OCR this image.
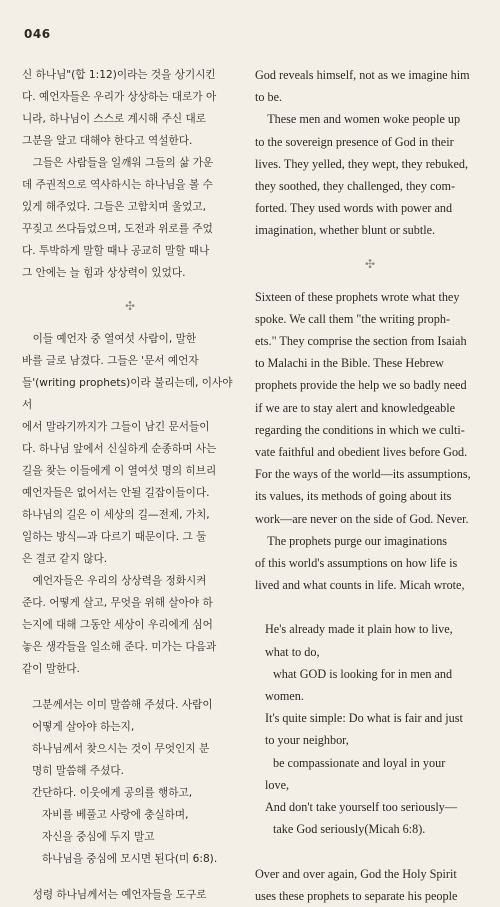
046

신 하나님"(합 1:12)이라는 것을 상기시킨

다. 예언자들은 우리가 상상하는 대로가 아

니라, 하나님이 스스로 계시해 주신 대로

그분을 알고 대해야 한다고 역설한다.

그들은 사람들을 일깨워 그들의 삶 가운

데 주권적으로 역사하시는 하나님을 볼 수

있게 해주었다. 그들은 고함치며 울었고,

꾸짖고 쓰다듬었으며, 도전과 위로를 주었

다. 투박하게 말할 때나 공교히 말할 때나

그 안에는 늘 힘과 상상력이 있었다.

✣

이들 예언자 중 열여섯 사람이, 말한

바를 글로 남겼다. 그들은 '문서 예언자

들'(writing prophets)이라 불리는데, 이사야서

에서 말라기까지가 그들이 남긴 문서들이

다. 하나님 앞에서 신실하게 순종하며 사는

길을 찾는 이들에게 이 열여섯 명의 히브리

예언자들은 없어서는 안될 길잡이들이다.

하나님의 길은 이 세상의 길—전제, 가치,

일하는 방식—과 다르기 때문이다. 그 둘

은 결코 같지 않다.

예언자들은 우리의 상상력을 정화시켜

준다. 어떻게 살고, 무엇을 위해 살아야 하

는지에 대해 그동안 세상이 우리에게 심어

놓은 생각들을 일소해 준다. 미가는 다음과

같이 말한다.

그분께서는 이미 말씀해 주셨다. 사람이

어떻게 살아야 하는지,

하나님께서 찾으시는 것이 무엇인지 분

명히 말씀해 주셨다.

간단하다. 이웃에게 공의를 행하고,

자비를 베풀고 사랑에 충실하며,

자신을 중심에 두지 말고

하나님을 중심에 모시면 된다(미 6:8).

성령 하나님께서는 예언자들을 도구로

God reveals himself, not as we imagine him

to be.

These men and women woke people up

to the sovereign presence of God in their

lives. They yelled, they wept, they rebuked,

they soothed, they challenged, they com-

forted. They used words with power and

imagination, whether blunt or subtle.

✣

Sixteen of these prophets wrote what they

spoke. We call them "the writing proph-

ets." They comprise the section from Isaiah

to Malachi in the Bible. These Hebrew

prophets provide the help we so badly need

if we are to stay alert and knowledgeable

regarding the conditions in which we culti-

vate faithful and obedient lives before God.

For the ways of the world—its assumptions,

its values, its methods of going about its

work—are never on the side of God. Never.

The prophets purge our imaginations

of this world's assumptions on how life is

lived and what counts in life. Micah wrote,

He's already made it plain how to live,

what to do,

what GOD is looking for in men and

women.

It's quite simple: Do what is fair and just

to your neighbor,

be compassionate and loyal in your

love,

And don't take yourself too seriously—

take God seriously(Micah 6:8).

Over and over again, God the Holy Spirit

uses these prophets to separate his people
